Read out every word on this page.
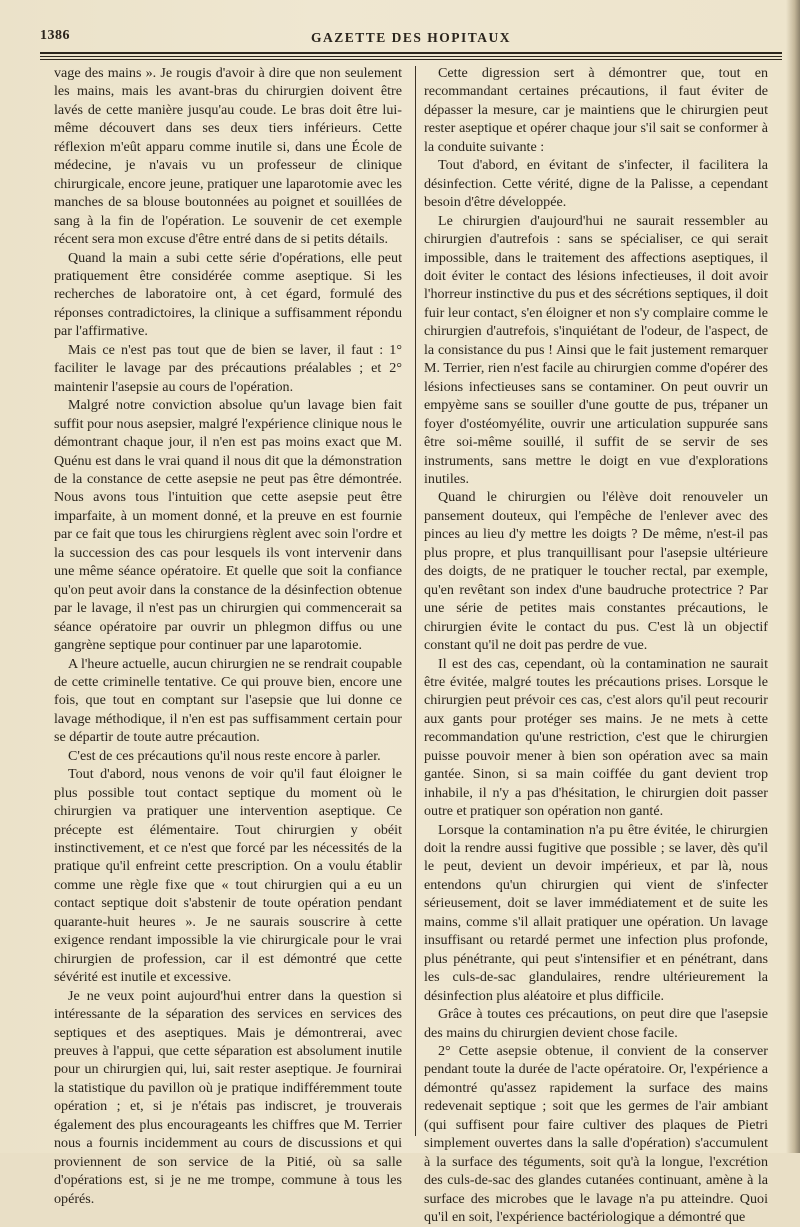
1386	GAZETTE DES HOPITAUX

vage des mains ». Je rougis d'avoir à dire que non seulement les mains, mais les avant-bras du chirurgien doivent être lavés de cette manière jusqu'au coude. Le bras doit être lui-même découvert dans ses deux tiers inférieurs. Cette réflexion m'eût apparu comme inutile si, dans une École de médecine, je n'avais vu un professeur de clinique chirurgicale, encore jeune, pratiquer une laparotomie avec les manches de sa blouse boutonnées au poignet et souillées de sang à la fin de l'opération. Le souvenir de cet exemple récent sera mon excuse d'être entré dans de si petits détails.

Quand la main a subi cette série d'opérations, elle peut pratiquement être considérée comme aseptique. Si les recherches de laboratoire ont, à cet égard, formulé des réponses contradictoires, la clinique a suffisamment répondu par l'affirmative.

Mais ce n'est pas tout que de bien se laver, il faut : 1° faciliter le lavage par des précautions préalables ; et 2° maintenir l'asepsie au cours de l'opération.

Malgré notre conviction absolue qu'un lavage bien fait suffit pour nous asepsier, malgré l'expérience clinique nous le démontrant chaque jour, il n'en est pas moins exact que M. Quénu est dans le vrai quand il nous dit que la démonstration de la constance de cette asepsie ne peut pas être démontrée. Nous avons tous l'intuition que cette asepsie peut être imparfaite, à un moment donné, et la preuve en est fournie par ce fait que tous les chirurgiens règlent avec soin l'ordre et la succession des cas pour lesquels ils vont intervenir dans une même séance opératoire. Et quelle que soit la confiance qu'on peut avoir dans la constance de la désinfection obtenue par le lavage, il n'est pas un chirurgien qui commencerait sa séance opératoire par ouvrir un phlegmon diffus ou une gangrène septique pour continuer par une laparotomie.

A l'heure actuelle, aucun chirurgien ne se rendrait coupable de cette criminelle tentative. Ce qui prouve bien, encore une fois, que tout en comptant sur l'asepsie que lui donne ce lavage méthodique, il n'en est pas suffisamment certain pour se départir de toute autre précaution.

C'est de ces précautions qu'il nous reste encore à parler.

Tout d'abord, nous venons de voir qu'il faut éloigner le plus possible tout contact septique du moment où le chirurgien va pratiquer une intervention aseptique. Ce précepte est élémentaire. Tout chirurgien y obéit instinctivement, et ce n'est que forcé par les nécessités de la pratique qu'il enfreint cette prescription. On a voulu établir comme une règle fixe que « tout chirurgien qui a eu un contact septique doit s'abstenir de toute opération pendant quarante-huit heures ». Je ne saurais souscrire à cette exigence rendant impossible la vie chirurgicale pour le vrai chirurgien de profession, car il est démontré que cette sévérité est inutile et excessive.

Je ne veux point aujourd'hui entrer dans la question si intéressante de la séparation des services en services des septiques et des aseptiques. Mais je démontrerai, avec preuves à l'appui, que cette séparation est absolument inutile pour un chirurgien qui, lui, sait rester aseptique. Je fournirai la statistique du pavillon où je pratique indifféremment toute opération ; et, si je n'étais pas indiscret, je trouverais également des plus encourageants les chiffres que M. Terrier nous a fournis incidemment au cours de discussions et qui proviennent de son service de la Pitié, où sa salle d'opérations est, si je ne me trompe, commune à tous les opérés.

Cette digression sert à démontrer que, tout en recommandant certaines précautions, il faut éviter de dépasser la mesure, car je maintiens que le chirurgien peut rester aseptique et opérer chaque jour s'il sait se conformer à la conduite suivante :

Tout d'abord, en évitant de s'infecter, il facilitera la désinfection. Cette vérité, digne de la Palisse, a cependant besoin d'être développée.

Le chirurgien d'aujourd'hui ne saurait ressembler au chirurgien d'autrefois : sans se spécialiser, ce qui serait impossible, dans le traitement des affections aseptiques, il doit éviter le contact des lésions infectieuses, il doit avoir l'horreur instinctive du pus et des sécrétions septiques, il doit fuir leur contact, s'en éloigner et non s'y complaire comme le chirurgien d'autrefois, s'inquiétant de l'odeur, de l'aspect, de la consistance du pus ! Ainsi que le fait justement remarquer M. Terrier, rien n'est facile au chirurgien comme d'opérer des lésions infectieuses sans se contaminer. On peut ouvrir un empyème sans se souiller d'une goutte de pus, trépaner un foyer d'ostéomyélite, ouvrir une articulation suppurée sans être soi-même souillé, il suffit de se servir de ses instruments, sans mettre le doigt en vue d'explorations inutiles.

Quand le chirurgien ou l'élève doit renouveler un pansement douteux, qui l'empêche de l'enlever avec des pinces au lieu d'y mettre les doigts ? De même, n'est-il pas plus propre, et plus tranquillisant pour l'asepsie ultérieure des doigts, de ne pratiquer le toucher rectal, par exemple, qu'en revêtant son index d'une baudruche protectrice ? Par une série de petites mais constantes précautions, le chirurgien évite le contact du pus. C'est là un objectif constant qu'il ne doit pas perdre de vue.

Il est des cas, cependant, où la contamination ne saurait être évitée, malgré toutes les précautions prises. Lorsque le chirurgien peut prévoir ces cas, c'est alors qu'il peut recourir aux gants pour protéger ses mains. Je ne mets à cette recommandation qu'une restriction, c'est que le chirurgien puisse pouvoir mener à bien son opération avec sa main gantée. Sinon, si sa main coiffée du gant devient trop inhabile, il n'y a pas d'hésitation, le chirurgien doit passer outre et pratiquer son opération non ganté.

Lorsque la contamination n'a pu être évitée, le chirurgien doit la rendre aussi fugitive que possible ; se laver, dès qu'il le peut, devient un devoir impérieux, et par là, nous entendons qu'un chirurgien qui vient de s'infecter sérieusement, doit se laver immédiatement et de suite les mains, comme s'il allait pratiquer une opération. Un lavage insuffisant ou retardé permet une infection plus profonde, plus pénétrante, qui peut s'intensifier et en pénétrant, dans les culs-de-sac glandulaires, rendre ultérieurement la désinfection plus aléatoire et plus difficile.

Grâce à toutes ces précautions, on peut dire que l'asepsie des mains du chirurgien devient chose facile.

2° Cette asepsie obtenue, il convient de la conserver pendant toute la durée de l'acte opératoire. Or, l'expérience a démontré qu'assez rapidement la surface des mains redevenait septique ; soit que les germes de l'air ambiant (qui suffisent pour faire cultiver des plaques de Pietri simplement ouvertes dans la salle d'opération) s'accumulent à la surface des téguments, soit qu'à la longue, l'excrétion des culs-de-sac des glandes cutanées continuant, amène à la surface des microbes que le lavage n'a pu atteindre. Quoi qu'il en soit, l'expérience bactériologique a démontré que
